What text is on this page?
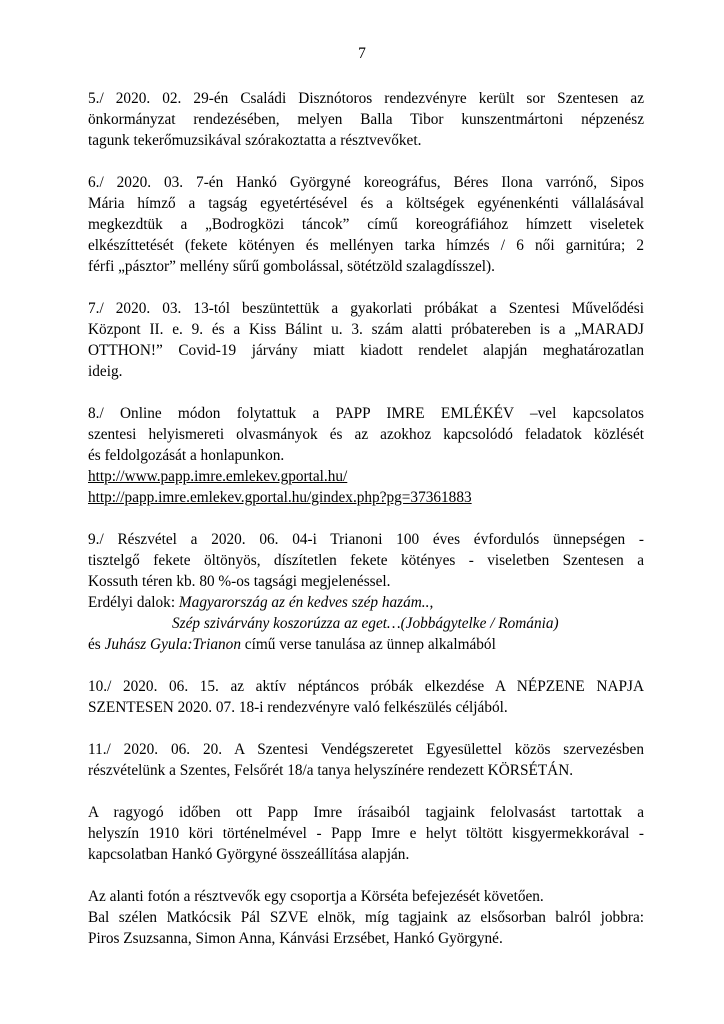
7
5./ 2020. 02. 29-én Családi Disznótoros rendezvényre került sor Szentesen az
önkormányzat rendezésében, melyen Balla Tibor kunszentmártoni népzenész
tagunk tekerőmuzsikával szórakoztatta a résztvevőket.
6./ 2020. 03. 7-én Hankó Györgyné koreográfus, Béres Ilona varrónő, Sipos
Mária hímző a tagság egyetértésével és a költségek egyénenkénti vállalásával
megkezdtük a „Bodrogközi táncok” című koreográfiához hímzett viseletek
elkészíttetését (fekete kötényen és mellényen tarka hímzés / 6 női garnitúra; 2
férfi „pásztor” mellény sűrű gombolással, sötétzöld szalagdísszel).
7./ 2020. 03. 13-tól beszüntettük a gyakorlati próbákat a Szentesi Művelődési
Központ II. e. 9. és a Kiss Bálint u. 3. szám alatti próbatereben is a „MARADJ
OTTHON!” Covid-19 járvány miatt kiadott rendelet alapján meghatározatlan
ideig.
8./ Online módon folytattuk a PAPP IMRE EMLÉKÉV –vel kapcsolatos
szentesi helyismereti olvasmányok és az azokhoz kapcsolódó feladatok közlését
és feldolgozását a honlapunkon.
http://www.papp.imre.emlekev.gportal.hu/
http://papp.imre.emlekev.gportal.hu/gindex.php?pg=37361883
9./ Részvétel a 2020. 06. 04-i Trianoni 100 éves évfordulós ünnepségen -
tisztelgő fekete öltönyös, díszítetlen fekete kötényes - viseletben Szentesen a
Kossuth téren kb. 80 %-os tagsági megjelenéssel.
Erdélyi dalok: Magyarország az én kedves szép hazám..,
Szép szivárvány koszorúzza az eget…(Jobbágytelke / Románia)
és Juhász Gyula:Trianon című verse tanulása az ünnep alkalmából
10./ 2020. 06. 15. az aktív néptáncos próbák elkezdése A NÉPZENE NAPJA
SZENTESEN 2020. 07. 18-i rendezvényre való felkészülés céljából.
11./ 2020. 06. 20. A Szentesi Vendégszeretet Egyesülettel közös szervezésben
részvételünk a Szentes, Felsőrét 18/a tanya helyszínére rendezett KÖRSÉTÁN.
A ragyogó időben ott Papp Imre írásaiból tagjaink felolvasást tartottak a
helyszín 1910 köri történelmével - Papp Imre e helyt töltött kisgyermekkorával -
kapcsolatban Hankó Györgyné összeállítása alapján.
Az alanti fotón a résztvevők egy csoportja a Körséta befejezését követően.
Bal szélen Matkócsik Pál SZVE elnök, míg tagjaink az elsősorban balról jobbra:
Piros Zsuzsanna, Simon Anna, Kánvási Erzsébet, Hankó Györgyné.
